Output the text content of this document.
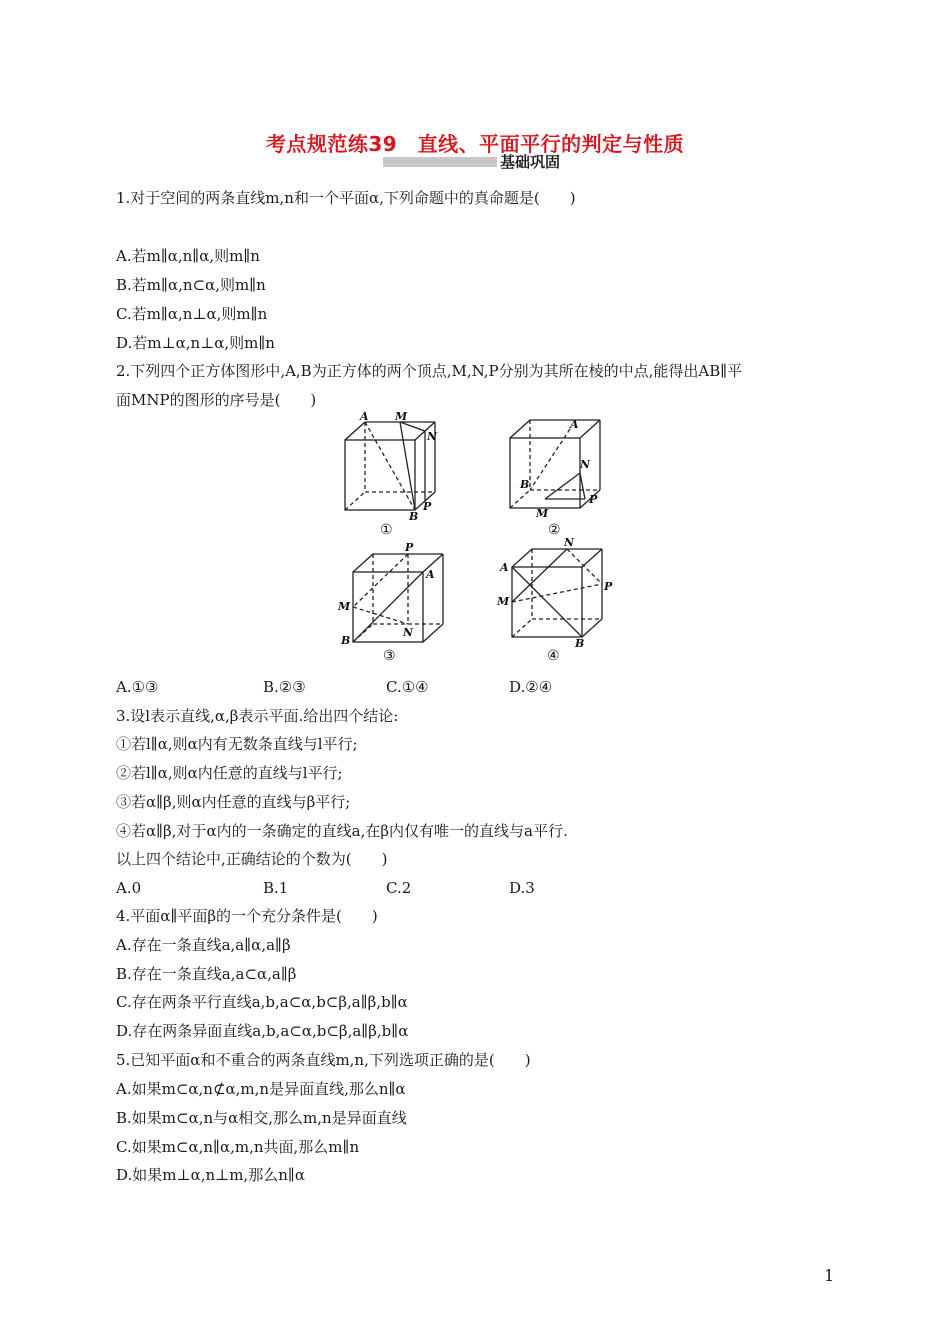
考点规范练39　直线、平面平行的判定与性质
基础巩固
1.对于空间的两条直线m,n和一个平面α,下列命题中的真命题是(　　)
A.若m∥α,n∥α,则m∥n
B.若m∥α,n⊂α,则m∥n
C.若m∥α,n⊥α,则m∥n
D.若m⊥α,n⊥α,则m∥n
2.下列四个正方体图形中,A,B为正方体的两个顶点,M,N,P分别为其所在棱的中点,能得出AB∥平
面MNP的图形的序号是(　　)
A M
N
B
P
①
A
N
B
M
P
②
P
A
M
B
N
③
N
A
P
M
B
④
A.①③	B.②③	C.①④	D.②④
3.设l表示直线,α,β表示平面.给出四个结论:
①若l∥α,则α内有无数条直线与l平行;
②若l∥α,则α内任意的直线与l平行;
③若α∥β,则α内任意的直线与β平行;
④若α∥β,对于α内的一条确定的直线a,在β内仅有唯一的直线与a平行.
以上四个结论中,正确结论的个数为(　　)
A.0	B.1	C.2	D.3
4.平面α∥平面β的一个充分条件是(　　)
A.存在一条直线a,a∥α,a∥β
B.存在一条直线a,a⊂α,a∥β
C.存在两条平行直线a,b,a⊂α,b⊂β,a∥β,b∥α
D.存在两条异面直线a,b,a⊂α,b⊂β,a∥β,b∥α
5.已知平面α和不重合的两条直线m,n,下列选项正确的是(　　)
A.如果m⊂α,n⊄α,m,n是异面直线,那么n∥α
B.如果m⊂α,n与α相交,那么m,n是异面直线
C.如果m⊂α,n∥α,m,n共面,那么m∥n
D.如果m⊥α,n⊥m,那么n∥α
1
